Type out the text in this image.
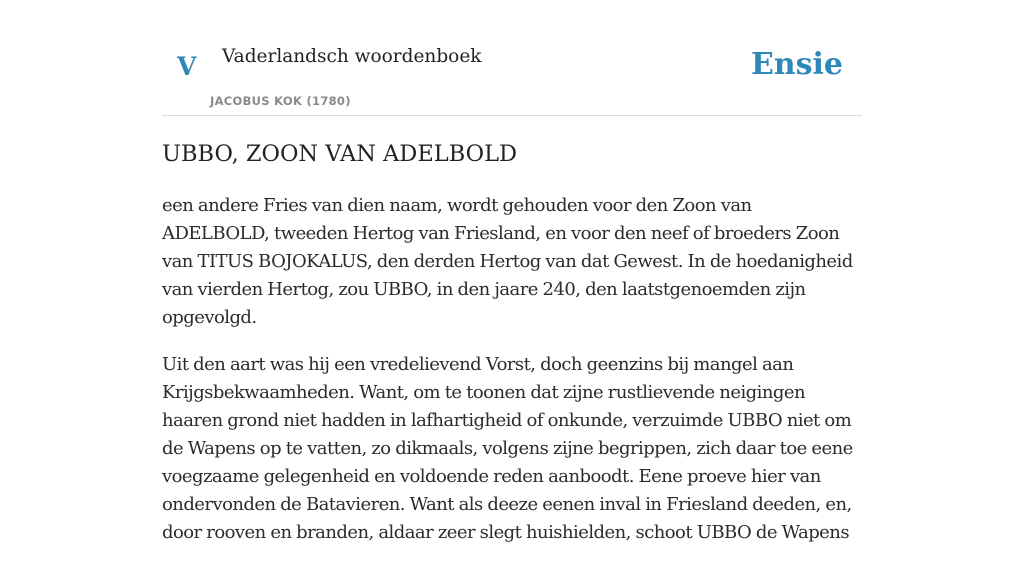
V Vaderlandsch woordenboek
JACOBUS KOK (1780)
Ensie
UBBO, ZOON VAN ADELBOLD

een andere Fries van dien naam, wordt gehouden voor den Zoon van ADELBOLD, tweeden Hertog van Friesland, en voor den neef of broeders Zoon van TITUS BOJOKALUS, den derden Hertog van dat Gewest. In de hoedanigheid van vierden Hertog, zou UBBO, in den jaare 240, den laatstgenoemden zijn opgevolgd.

Uit den aart was hij een vredelievend Vorst, doch geenzins bij mangel aan Krijgsbekwaamheden. Want, om te toonen dat zijne rustlievende neigingen haaren grond niet hadden in lafhartigheid of onkunde, verzuimde UBBO niet om de Wapens op te vatten, zo dikmaals, volgens zijne begrippen, zich daar toe eene voegzaame gelegenheid en voldoende reden aanboodt. Eene proeve hier van ondervonden de Batavieren. Want als deeze eenen inval in Friesland deeden, en, door rooven en branden, aldaar zeer slegt huishielden, schoot UBBO de Wapens
